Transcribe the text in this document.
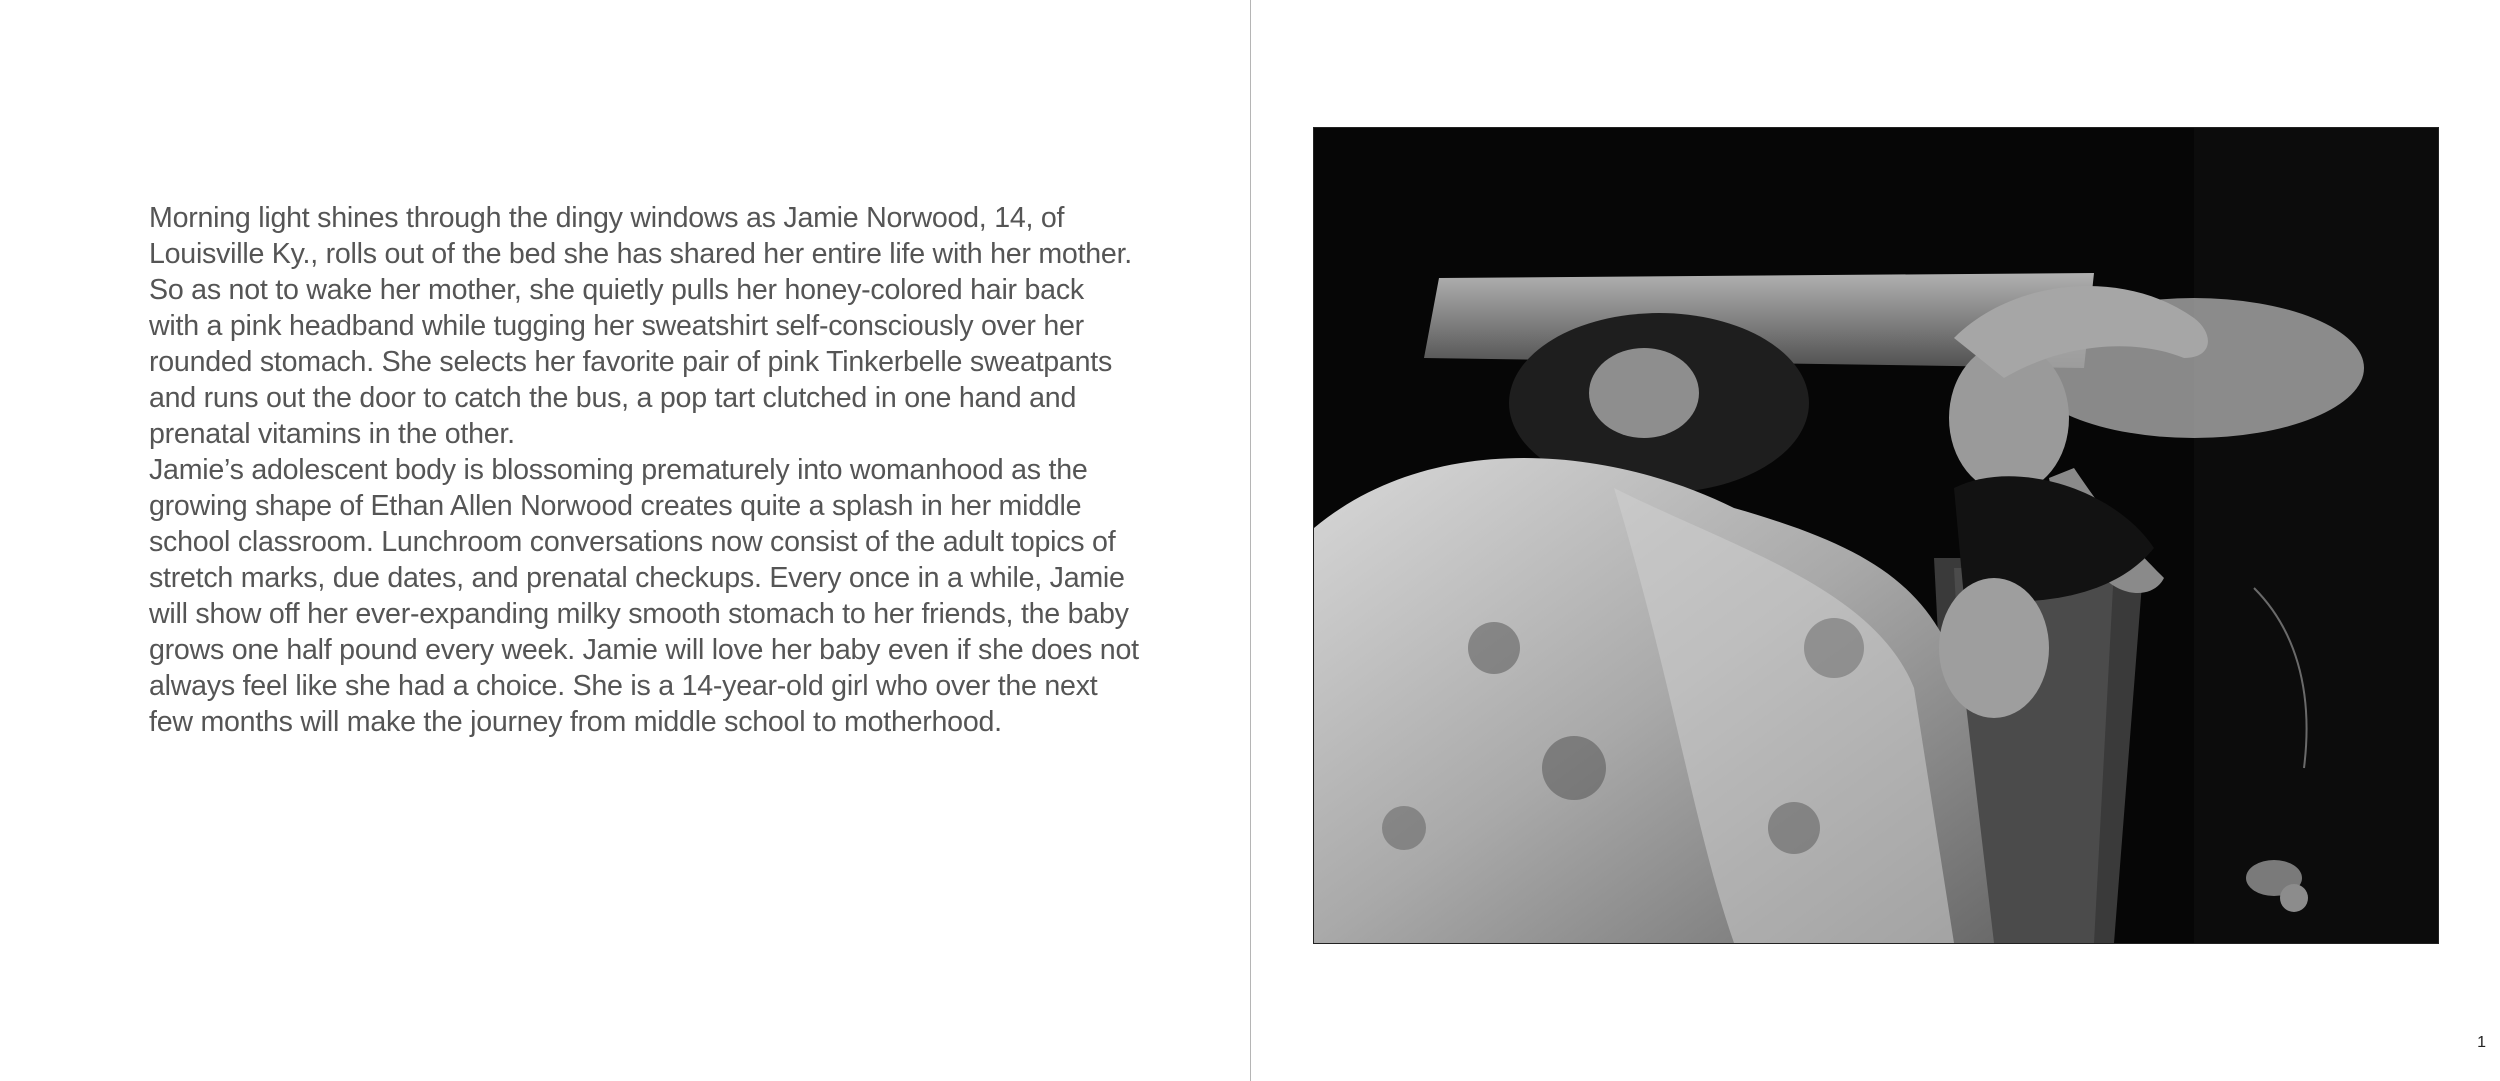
Morning light shines through the dingy windows as Jamie Norwood, 14, of Louisville Ky., rolls out of the bed she has shared her entire life with her mother. So as not to wake her mother, she quietly pulls her honey-colored hair back with a pink headband while tugging her sweatshirt self-consciously over her rounded stomach. She selects her favorite pair of pink Tinkerbelle sweatpants and runs out the door to catch the bus, a pop tart clutched in one hand and prenatal vitamins in the other.

Jamie’s adolescent body is blossoming prematurely into womanhood as the growing shape of Ethan Allen Norwood creates quite a splash in her middle school classroom. Lunchroom conversations now consist of the adult topics of stretch marks, due dates, and prenatal checkups. Every once in a while, Jamie will show off her ever-expanding milky smooth stomach to her friends, the baby grows one half pound every week. Jamie will love her baby even if she does not always feel like she had a choice. She is a 14-year-old girl who over the next few months will make the journey from middle school to motherhood.

1
